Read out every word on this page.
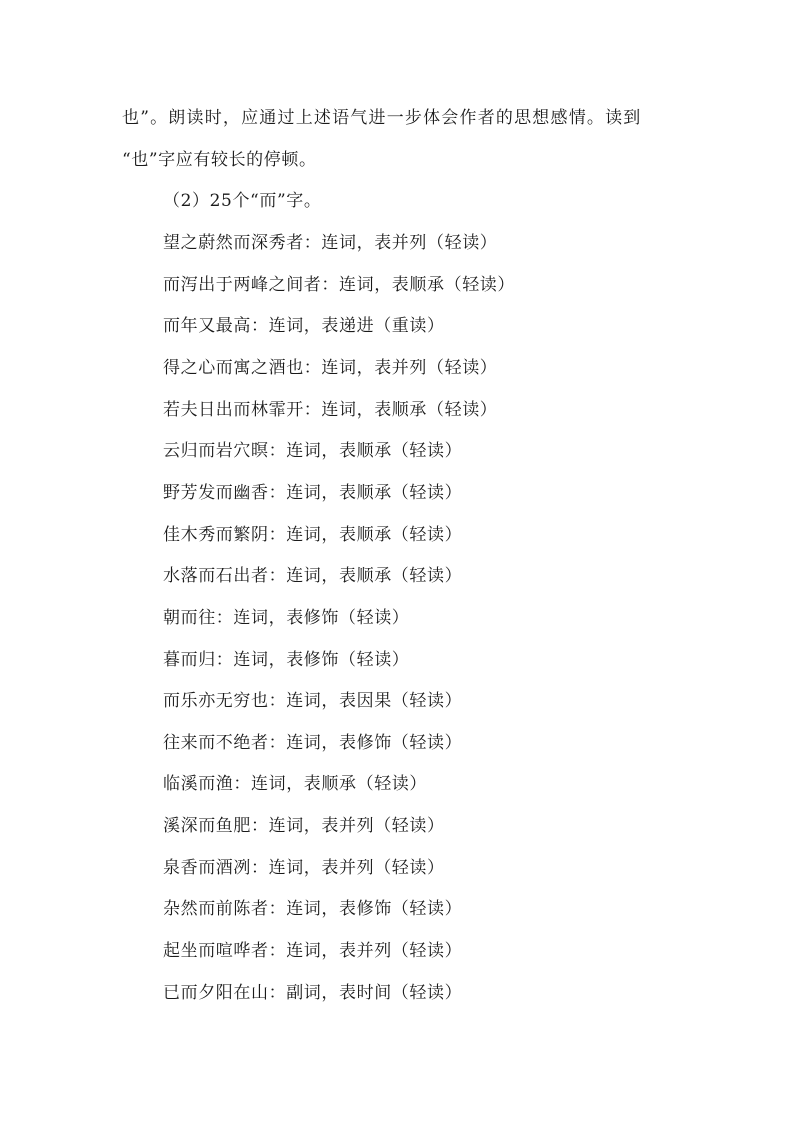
也”。朗读时，应通过上述语气进一步体会作者的思想感情。读到
“也”字应有较长的停顿。
（2）25个“而”字。
望之蔚然而深秀者：连词，表并列（轻读）
而泻出于两峰之间者：连词，表顺承（轻读）
而年又最高：连词，表递进（重读）
得之心而寓之酒也：连词，表并列（轻读）
若夫日出而林霏开：连词，表顺承（轻读）
云归而岩穴暝：连词，表顺承（轻读）
野芳发而幽香：连词，表顺承（轻读）
佳木秀而繁阴：连词，表顺承（轻读）
水落而石出者：连词，表顺承（轻读）
朝而往：连词，表修饰（轻读）
暮而归：连词，表修饰（轻读）
而乐亦无穷也：连词，表因果（轻读）
往来而不绝者：连词，表修饰（轻读）
临溪而渔：连词，表顺承（轻读）
溪深而鱼肥：连词，表并列（轻读）
泉香而酒冽：连词，表并列（轻读）
杂然而前陈者：连词，表修饰（轻读）
起坐而喧哗者：连词，表并列（轻读）
已而夕阳在山：副词，表时间（轻读）
